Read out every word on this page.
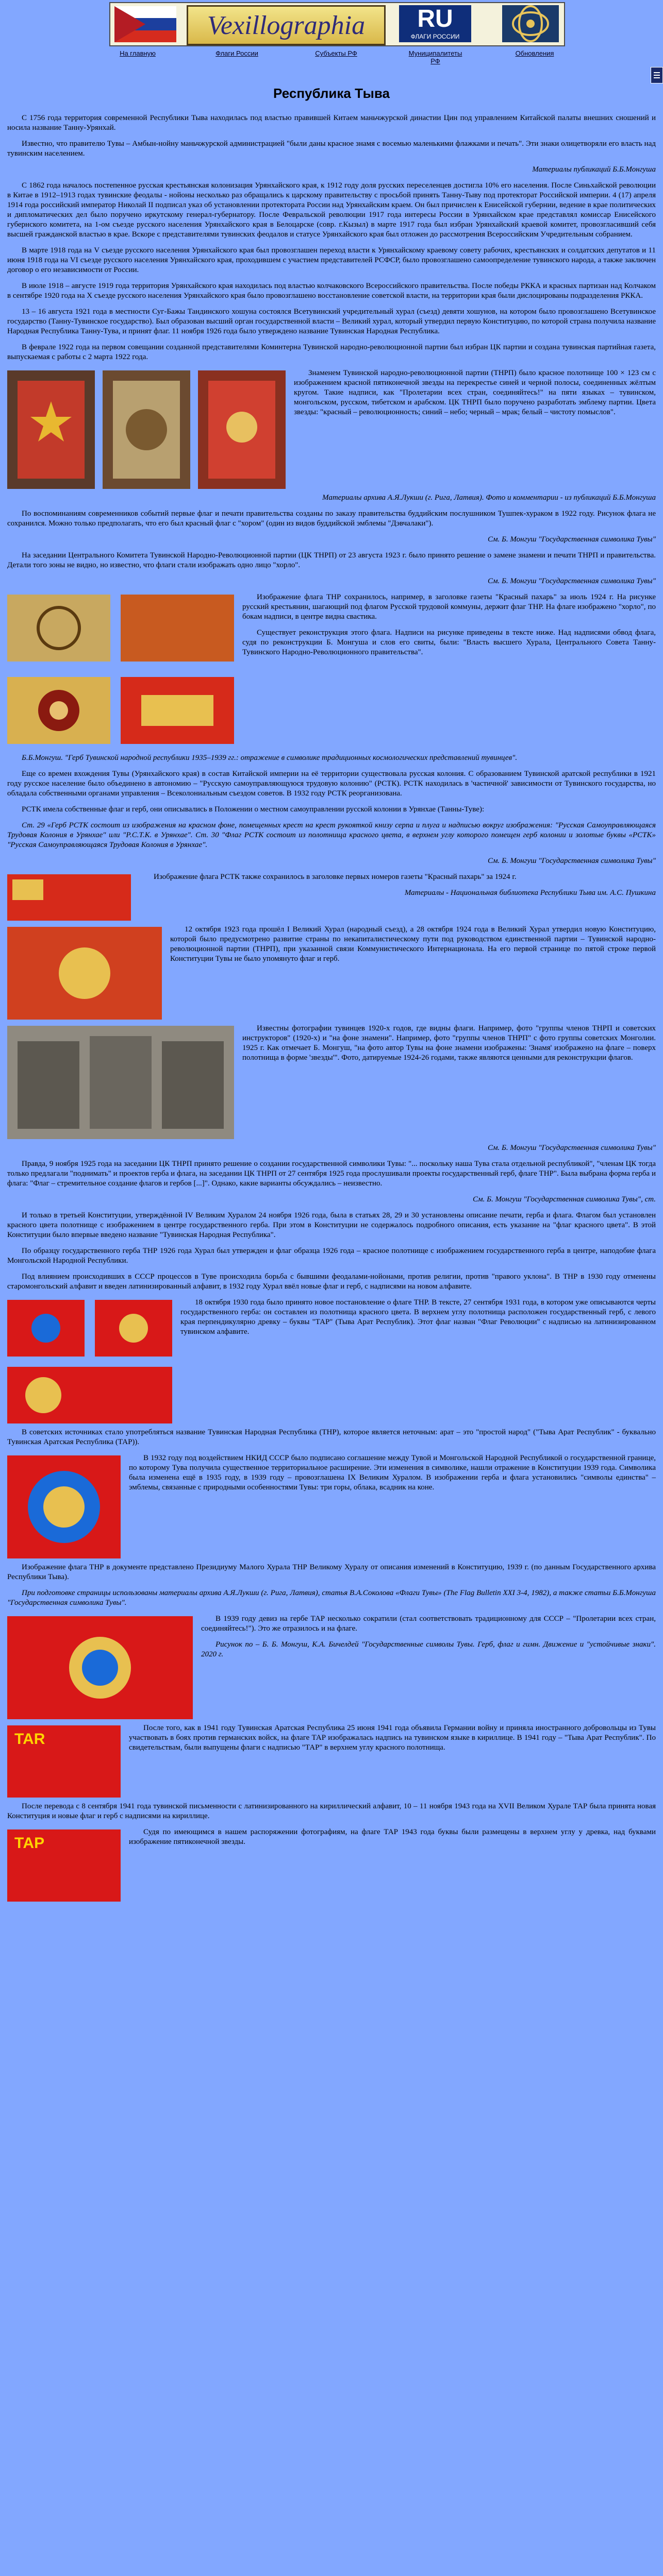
Vexillographia	RU
ФЛАГИ РОССИИ
На главную	Флаги России	Субъекты РФ	Муниципалитеты РФ
Обновления
Республика Тыва

С 1756 года территория современной Республики Тыва находилась под властью правившей Китаем маньчжурской династии Цин под управлением Китайской палаты внешних сношений и носила название Танну-Урянхай.

Известно, что правителю Тувы – Амбын-нойну маньчжурской администрацией "были даны красное знамя с восемью маленькими флажками и печать". Эти знаки олицетворяли его власть над тувинским населением.

Материалы публикаций Б.Б.Монгуша

С 1862 года началось постепенное русская крестьянская колонизация Урянхайского края, к 1912 году доля русских переселенцев достигла 10% его населения. После Синьхайской революции в Китае в 1912–1913 годах тувинские феодалы - нойоны несколько раз обращались к царскому правительству с просьбой принять Танну-Тыву под протекторат Российской империи. 4 (17) апреля 1914 года российский император Николай II подписал указ об установлении протектората России над Урянхайским краем. Он был причислен к Енисейской губернии, ведение в крае политических и дипломатических дел было поручено иркутскому генерал-губернатору. После Февральской революции 1917 года интересы России в Урянхайском крае представлял комиссар Енисейского губернского комитета, на 1-ом съезде русского населения Урянхайского края в Белоцарске (совр. г.Кызыл) в марте 1917 года был избран Урянхайский краевой комитет, провозгласивший себя высшей гражданской властью в крае. Вскоре с представителями тувинских феодалов и статусе Урянхайского края был отложен до рассмотрения Всероссийским Учредительным собранием.

В марте 1918 года на V съезде русского населения Урянхайского края был провозглашен переход власти к Урянхайскому краевому совету рабочих, крестьянских и солдатских депутатов и 11 июня 1918 года на VI съезде русского населения Урянхайского края, проходившем с участием представителей РСФСР, было провозглашено самоопределение тувинского народа, а также заключен договор о его независимости от России.

В июле 1918 – августе 1919 года территория Урянхайского края находилась под властью колчаковского Всероссийского правительства. После победы РККА и красных партизан над Колчаком в сентябре 1920 года на X съезде русского населения Урянхайского края было провозглашено восстановление советской власти, на территории края были дислоцированы подразделения РККА.

13 – 16 августа 1921 года в местности Суг-Бажы Тандинского хошуна состоялся Всетувинский учредительный хурал (съезд) девяти хошунов, на котором было провозглашено Всетувинское государство (Танну-Тувинское государство). Был образован высший орган государственной власти – Великий хурал, который утвердил первую Конституцию, по которой страна получила название Народная Республика Танну-Тува, и принят флаг. 11 ноября 1926 года было утверждено название Тувинская Народная Республика.

В феврале 1922 года на первом совещании созданной представителями Коминтерна Тувинской народно-революционной партии был избран ЦК партии и создана тувинская партийная газета, выпускаемая с работы с 2 марта 1922 года.

Знаменем Тувинской народно-революционной партии (ТНРП) было красное полотнище 100 × 123 см с изображением красной пятиконечной звезды на перекрестье синей и черной полосы, соединенных жёлтым кругом. Такие надписи, как "Пролетарии всех стран, соединяйтесь!" на пяти языках – тувинском, монгольском, русском, тибетском и арабском. ЦК ТНРП было поручено разработать эмблему партии. Цвета звезды: "красный – революционность; синий – небо; черный – мрак; белый – чистоту помыслов".

Материалы архива А.Я.Лукши (г. Рига, Латвия). Фото и комментарии - из публикаций Б.Б.Монгуша

По воспоминаниям современников событий первые флаг и печати правительства созданы по заказу правительства буддийским послушником Тушпек-хураком в 1922 году. Рисунок флага не сохранился. Можно только предполагать, что его был красный флаг с "хором" (один из видов буддийской эмблемы "Дэвчалаки").

См. Б. Монгуш "Государственная символика Тувы"

На заседании Центрального Комитета Тувинской Народно-Революционной партии (ЦК ТНРП) от 23 августа 1923 г. было принято решение о замене знамени и печати ТНРП и правительства. Детали того зоны не видно, но известно, что флаги стали изображать одно лицо "хорло".

См. Б. Монгуш "Государственная символика Тувы"

Изображение флага ТНР сохранилось, например, в заголовке газеты "Красный пахарь" за июль 1924 г. На рисунке русский крестьянин, шагающий под флагом Русской трудовой коммуны, держит флаг ТНР. На флаге изображено "хорло", по бокам надписи, в центре видна свастика.

Существует реконструкция этого флага. Надписи на рисунке приведены в тексте ниже. Над надписями обвод флага, судя по реконструкции Б. Монгуша и слов его свиты, были: "Власть высшего Хурала, Центрального Совета Танну-Тувинского Народно-Революционного правительства".

Б.Б.Монгуш. "Герб Тувинской народной республики 1935–1939 гг.: отражение в символике традиционных космологических представлений тувинцев".

Еще со времен вхождения Тувы (Урянхайского края) в состав Китайской империи на её территории существовала русская колония. С образованием Тувинской аратской республики в 1921 году русское население было объединено в автономию – "Русскую самоуправляющуюся трудовую колонию" (РСТК). РСТК находилась в 'частичной' зависимости от Тувинского государства, но обладала собственными органами управления – Всеколониальным съездом советов. В 1932 году РСТК реорганизована.

РСТК имела собственные флаг и герб, они описывались в Положении о местном самоуправлении русской колонии в Урянхае (Танны-Туве):

Ст. 29 «Герб РСТК состоит из изображения на красном фоне, помещенных крест на крест рукояткой книзу серпа и плуга и надписью вокруг изображения: "Русская Самоуправляющаяся Трудовая Колония в Урянхае" или "Р.С.Т.К. в Урянхае". Ст. 30 "Флаг РСТК состоит из полотнища красного цвета, в верхнем углу которого помещен герб колонии и золотые буквы «РСТК» "Русская Самоуправляющаяся Трудовая Колония в Урянхае".

См. Б. Монгуш "Государственная символика Тувы"

Изображение флага РСТК также сохранилось в заголовке первых номеров газеты "Красный пахарь" за 1924 г.

Материалы - Национальная библиотека Республики Тыва им. А.С. Пушкина

12 октября 1923 года прошёл I Великий Хурал (народный съезд), а 28 октября 1924 года в Великий Хурал утвердил новую Конституцию, которой было предусмотрено развитие страны по некапиталистическому пути под руководством единственной партии – Тувинской народно-революционной партии (ТНРП), при указанной связи Коммунистического Интернационала. На его первой странице по пятой строке первой Конституции Тувы не было упомянуто флаг и герб.

Известны фотографии тувинцев 1920-х годов, где видны флаги. Например, фото "группы членов ТНРП и советских инструкторов" (1920-х) и "на фоне знамени". Например, фото "группы членов ТНРП" с фото группы советских Монголии. 1925 г. Как отмечает Б. Монгуш, "на фото автор Тувы на фоне знамени изображены: 'Знамя' изображено на флаге – поверх полотнища в форме 'звезды'". Фото, датируемые 1924-26 годами, также являются ценными для реконструкции флагов.

См. Б. Монгуш "Государственная символика Тувы"

Правда, 9 ноября 1925 года на заседании ЦК ТНРП принято решение о создании государственной символики Тувы: "... поскольку наша Тува стала отдельной республикой", "членам ЦК тогда только предлагали "поднимать" и проектов герба и флага, на заседании ЦК ТНРП от 27 сентября 1925 года прослушивали проекты государственный герб, флаге ТНР". Была выбрана форма герба и флага: "Флаг – стремительное создание флагов и гербов [...]". Однако, какие варианты обсуждались – неизвестно.

См. Б. Монгуш "Государственная символика Тувы", ст.

И только в третьей Конституции, утверждённой IV Великим Хуралом 24 ноября 1926 года, была в статьях 28, 29 и 30 установлены описание печати, герба и флага. Флагом был установлен красного цвета полотнище с изображением в центре государственного герба. При этом в Конституции не содержалось подробного описания, есть указание на "флаг красного цвета". В этой Конституции было впервые введено название "Тувинская Народная Республика".

По образцу государственного герба ТНР 1926 года Хурал был утвержден и флаг образца 1926 года – красное полотнище с изображением государственного герба в центре, наподобие флага Монгольской Народной Республики.

Под влиянием происходивших в СССР процессов в Туве происходила борьба с бывшими феодалами-нойонами, против религии, против "правого уклона". В ТНР в 1930 году отменены старомонгольский алфавит и введен латинизированный алфавит, в 1932 году Хурал ввёл новые флаг и герб, с надписями на новом алфавите.

18 октября 1930 года было принято новое постановление о флаге ТНР. В тексте, 27 сентября 1931 года, в котором уже описываются черты государственного герба: он составлен из полотнища красного цвета. В верхнем углу полотнища расположен государственный герб, с левого края перпендикулярно древку – буквы "ТАР" (Тыва Арат Республик). Этот флаг назван "Флаг Революции" с надписью на латинизированном тувинском алфавите.

В советских источниках стало употребляться название Тувинская Народная Республика (ТНР), которое является неточным: арат – это "простой народ" ("Тыва Арат Республик" - буквально Тувинская Аратская Республика (ТАР)).

В 1932 году под воздействием НКИД СССР было подписано соглашение между Тувой и Монгольской Народной Республикой о государственной границе, по которому Тува получила существенное территориальное расширение. Эти изменения в символике, нашли отражение в Конституции 1939 года. Символика была изменена ещё в 1935 году, в 1939 году – провозглашена IX Великим Хуралом. В изображении герба и флага установились "символы единства" – эмблемы, связанные с природными особенностями Тувы: три горы, облака, всадник на коне.

Изображение флага ТНР в документе представлено Президиуму Малого Хурала ТНР Великому Хуралу от описания изменений в Конституцию, 1939 г. (по данным Государственного архива Республики Тыва).

При подготовке страницы использованы материалы архива А.Я.Лукши (г. Рига, Латвия), статья В.А.Соколова «Флаги Тувы» (The Flag Bulletin XXI 3-4, 1982), а также статьи Б.Б.Монгуша "Государственная символика Тувы".

В 1939 году девиз на гербе ТАР несколько сократили (стал соответствовать традиционному для СССР – "Пролетарии всех стран, соединяйтесь!"). Это же отразилось и на флаге.

Рисунок по – Б. Б. Монгуш, К.А. Бичелдей "Государственные символы Тувы. Герб, флаг и гимн. Движение и "устойчивые знаки". 2020 г.

TAR

После того, как в 1941 году Тувинская Аратская Республика 25 июня 1941 года объявила Германии войну и приняла иностранного добровольцы из Тувы участвовать в боях против германских войск, на флаге ТАР изображалась надпись на тувинском языке в кириллице. В 1941 году – "Тыва Арат Республик". По свидетельствам, были выпущены флаги с надписью "ТАР" в верхнем углу красного полотнища.

После перевода с 8 сентября 1941 года тувинской письменности с латинизированного на кириллический алфавит, 10 – 11 ноября 1943 года на XVII Великом Хурале ТАР была принята новая Конституция и новые флаг и герб с надписями на кириллице.

ТАР

Судя по имеющимся в нашем распоряжении фотографиям, на флаге ТАР 1943 года буквы были размещены в верхнем углу у древка, над буквами изображение пятиконечной звезды.
